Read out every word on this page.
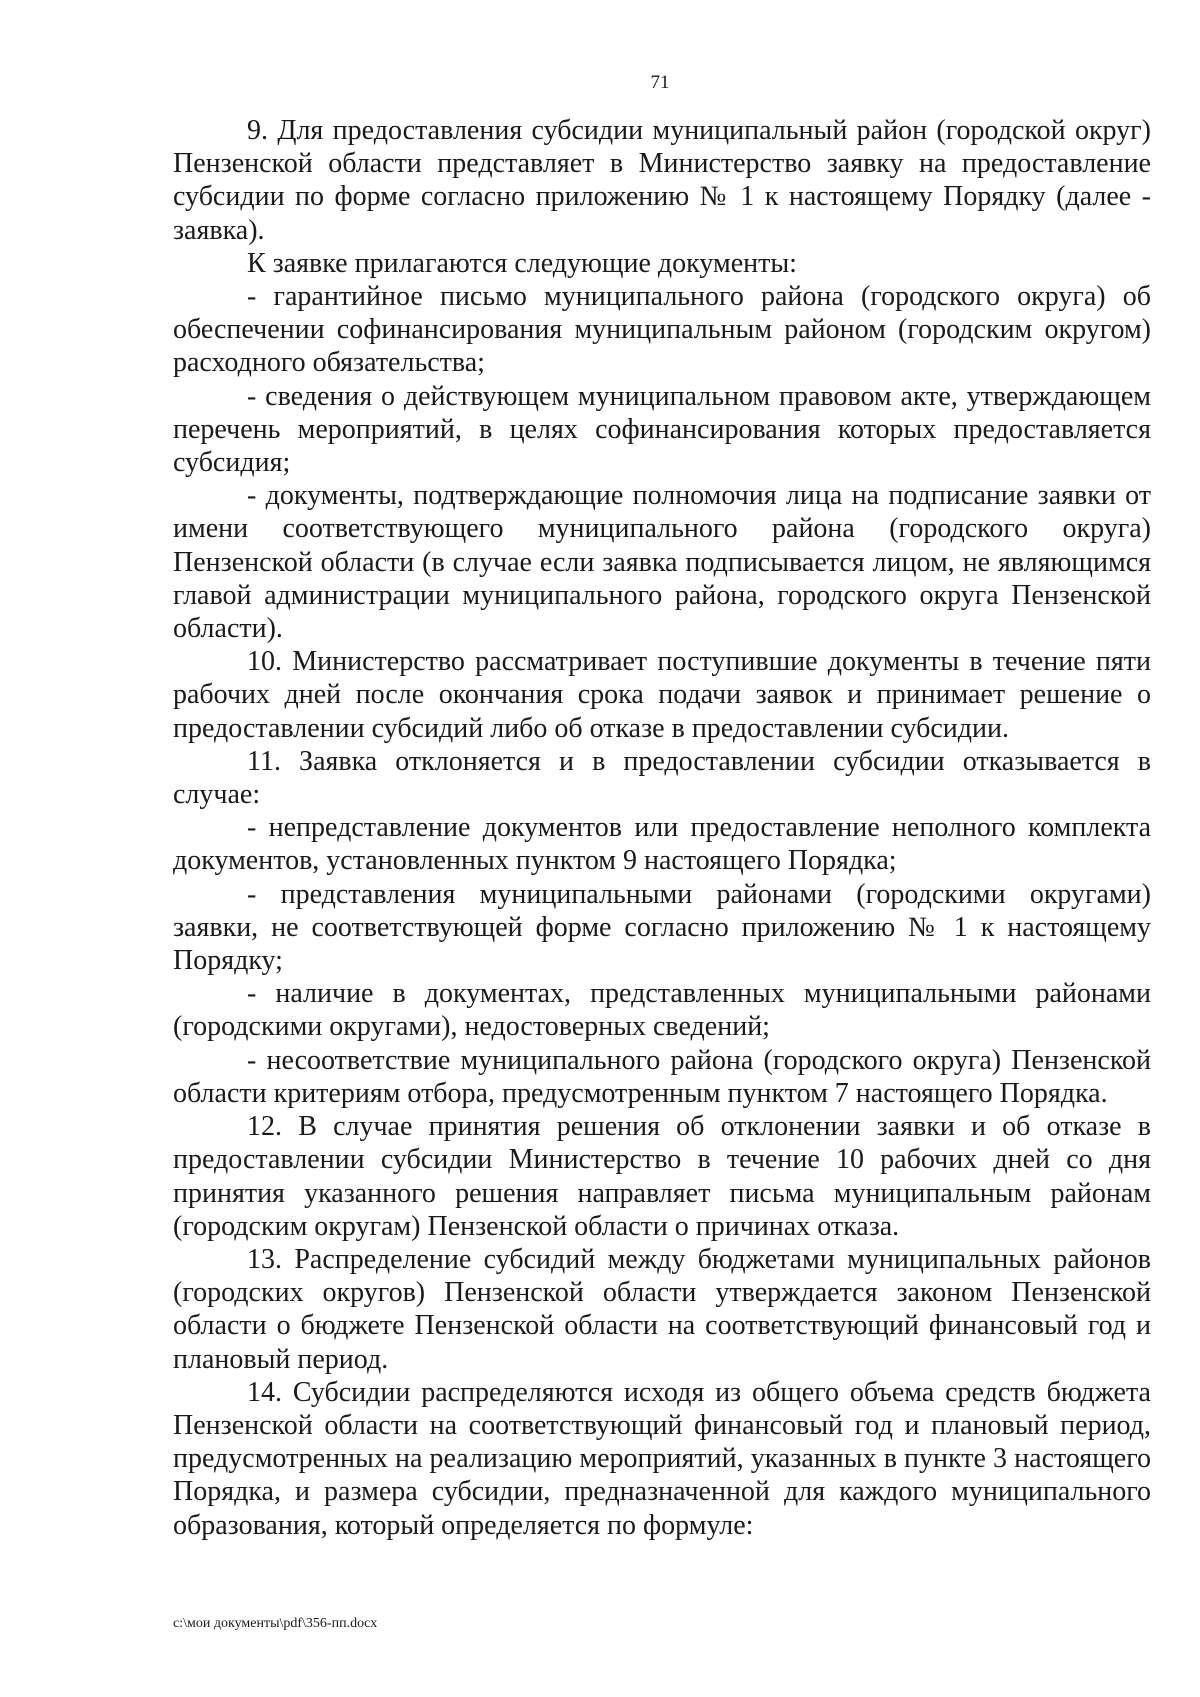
71

9. Для предоставления субсидии муниципальный район (городской округ) Пензенской области представляет в Министерство заявку на предоставление субсидии по форме согласно приложению № 1 к настоящему Порядку (далее - заявка).

К заявке прилагаются следующие документы:

- гарантийное письмо муниципального района (городского округа) об обеспечении софинансирования муниципальным районом (городским округом) расходного обязательства;

- сведения о действующем муниципальном правовом акте, утверждающем перечень мероприятий, в целях софинансирования которых предоставляется субсидия;

- документы, подтверждающие полномочия лица на подписание заявки от имени соответствующего муниципального района (городского округа) Пензенской области (в случае если заявка подписывается лицом, не являющимся главой администрации муниципального района, городского округа Пензенской области).

10. Министерство рассматривает поступившие документы в течение пяти рабочих дней после окончания срока подачи заявок и принимает решение о предоставлении субсидий либо об отказе в предоставлении субсидии.

11. Заявка отклоняется и в предоставлении субсидии отказывается в случае:

- непредставление документов или предоставление неполного комплекта документов, установленных пунктом 9 настоящего Порядка;

- представления муниципальными районами (городскими округами) заявки, не соответствующей форме согласно приложению № 1 к настоящему Порядку;

- наличие в документах, представленных муниципальными районами (городскими округами), недостоверных сведений;

- несоответствие муниципального района (городского округа) Пензенской области критериям отбора, предусмотренным пунктом 7 настоящего Порядка.

12. В случае принятия решения об отклонении заявки и об отказе в предоставлении субсидии Министерство в течение 10 рабочих дней со дня принятия указанного решения направляет письма муниципальным районам (городским округам) Пензенской области о причинах отказа.

13. Распределение субсидий между бюджетами муниципальных районов (городских округов) Пензенской области утверждается законом Пензенской области о бюджете Пензенской области на соответствующий финансовый год и плановый период.

14. Субсидии распределяются исходя из общего объема средств бюджета Пензенской области на соответствующий финансовый год и плановый период, предусмотренных на реализацию мероприятий, указанных в пункте 3 настоящего Порядка, и размера субсидии, предназначенной для каждого муниципального образования, который определяется по формуле:

c:\мои документы\pdf\356-пп.docx
